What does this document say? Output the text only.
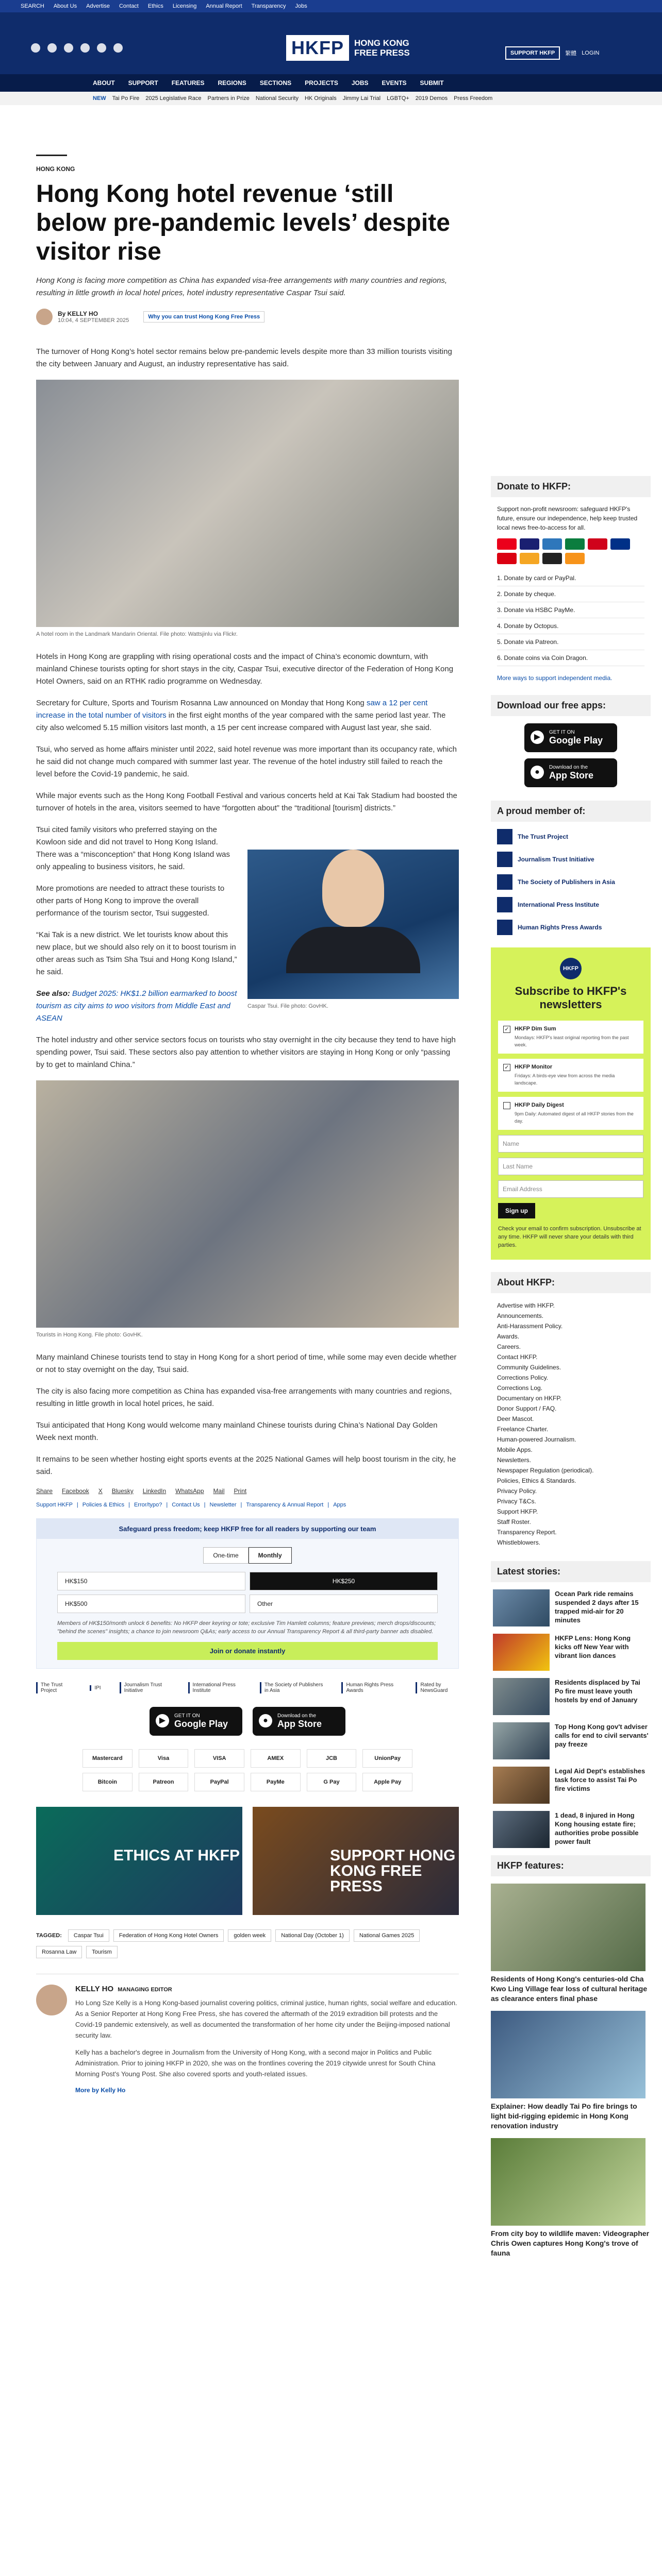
SEARCH About Us Advertise Contact Ethics Licensing Annual Report Transparency Jobs
HKFP	HONG KONG
FREE PRESS	SUPPORT HKFP	繁體 LOGIN
ABOUT SUPPORT FEATURES REGIONS SECTIONS PROJECTS JOBS EVENTS SUBMIT
NEW Tai Po Fire 2025 Legislative Race Partners in Prize National Security HK Originals Jimmy Lai Trial LGBTQ+ 2019 Demos Press Freedom
HONG KONG
Hong Kong hotel revenue ‘still below pre-pandemic levels’ despite visitor rise
Hong Kong is facing more competition as China has expanded visa-free arrangements with many countries and regions, resulting in little growth in local hotel prices, hotel industry representative Caspar Tsui said.
By KELLY HO
10:04, 4 SEPTEMBER 2025
Why you can trust Hong Kong Free Press

The turnover of Hong Kong’s hotel sector remains below pre-pandemic levels despite more than 33 million tourists visiting the city between January and August, an industry representative has said.

A hotel room in the Landmark Mandarin Oriental. File photo: Wattsjinlu via Flickr.

Hotels in Hong Kong are grappling with rising operational costs and the impact of China’s economic downturn, with mainland Chinese tourists opting for short stays in the city, Caspar Tsui, executive director of the Federation of Hong Kong Hotel Owners, said on an RTHK radio programme on Wednesday.

Secretary for Culture, Sports and Tourism Rosanna Law announced on Monday that Hong Kong saw a 12 per cent increase in the total number of visitors in the first eight months of the year compared with the same period last year. The city also welcomed 5.15 million visitors last month, a 15 per cent increase compared with August last year, she said.

Tsui, who served as home affairs minister until 2022, said hotel revenue was more important than its occupancy rate, which he said did not change much compared with summer last year. The revenue of the hotel industry still failed to reach the level before the Covid-19 pandemic, he said.

While major events such as the Hong Kong Football Festival and various concerts held at Kai Tak Stadium had boosted the turnover of hotels in the area, visitors seemed to have “forgotten about” the “traditional [tourism] districts.”

Caspar Tsui. File photo: GovHK.

Tsui cited family visitors who preferred staying on the Kowloon side and did not travel to Hong Kong Island. There was a “misconception” that Hong Kong Island was only appealing to business visitors, he said.

More promotions are needed to attract these tourists to other parts of Hong Kong to improve the overall performance of the tourism sector, Tsui suggested.

“Kai Tak is a new district. We let tourists know about this new place, but we should also rely on it to boost tourism in other areas such as Tsim Sha Tsui and Hong Kong Island,” he said.

See also: Budget 2025: HK$1.2 billion earmarked to boost tourism as city aims to woo visitors from Middle East and ASEAN

The hotel industry and other service sectors focus on tourists who stay overnight in the city because they tend to have high spending power, Tsui said. These sectors also pay attention to whether visitors are staying in Hong Kong or only “passing by to get to mainland China.”

Tourists in Hong Kong. File photo: GovHK.

Many mainland Chinese tourists tend to stay in Hong Kong for a short period of time, while some may even decide whether or not to stay overnight on the day, Tsui said.

The city is also facing more competition as China has expanded visa-free arrangements with many countries and regions, resulting in little growth in local hotel prices, he said.

Tsui anticipated that Hong Kong would welcome many mainland Chinese tourists during China’s National Day Golden Week next month.

It remains to be seen whether hosting eight sports events at the 2025 National Games will help boost tourism in the city, he said.

Share Facebook X Bluesky LinkedIn WhatsApp Mail Print
Support HKFP | Policies & Ethics | Error/typo? | Contact Us | Newsletter | Transparency & Annual Report | Apps
Safeguard press freedom; keep HKFP free for all readers by supporting our team
One-time	Monthly
HK$150	HK$250
HK$500	Other
Members of HK$150/month unlock 6 benefits: No HKFP deer keyring or tote; exclusive Tim Hamlett columns; feature previews; merch drops/discounts; "behind the scenes" insights; a chance to join newsroom Q&As; early access to our Annual Transparency Report & all third-party banner ads disabled.
Join or donate instantly
The Trust Project	IPI	Journalism Trust Initiative
International Press Institute
The Society of Publishers in Asia
Human Rights Press Awards
Rated by NewsGuard
▶
GET IT ON
Google Play	●
Download on the
App Store
Mastercard	Visa	VISA	AMEX	JCB	UnionPay
Bitcoin	Patreon	PayPal	PayMe	G Pay	Apple Pay
ETHICS AT HKFP	SUPPORT HONG KONG FREE PRESS
TAGGED:	Caspar Tsui	Federation of Hong Kong Hotel Owners	golden week	National Day (October 1)	National Games 2025
Rosanna Law	Tourism
KELLY HO MANAGING EDITOR

Ho Long Sze Kelly is a Hong Kong-based journalist covering politics, criminal justice, human rights, social welfare and education. As a Senior Reporter at Hong Kong Free Press, she has covered the aftermath of the 2019 extradition bill protests and the Covid-19 pandemic extensively, as well as documented the transformation of her home city under the Beijing-imposed national security law.

Kelly has a bachelor's degree in Journalism from the University of Hong Kong, with a second major in Politics and Public Administration. Prior to joining HKFP in 2020, she was on the frontlines covering the 2019 citywide unrest for South China Morning Post's Young Post. She also covered sports and youth-related issues.

More by Kelly Ho
Donate to HKFP:
Support non-profit newsroom: safeguard HKFP's future, ensure our independence, help keep trusted local news free-to-access for all.
1. Donate by card or PayPal.
2. Donate by cheque.
3. Donate via HSBC PayMe.
4. Donate by Octopus.
5. Donate via Patreon.
6. Donate coins via Coin Dragon.
More ways to support independent media.
Download our free apps:
▶
GET IT ON
Google Play
●
Download on the
App Store
A proud member of:
The Trust Project
Journalism Trust Initiative
The Society of Publishers in Asia
International Press Institute
Human Rights Press Awards
HKFP
Subscribe to HKFP's newsletters
✓ HKFP Dim Sum
Mondays: HKFP's least original reporting from the past week.
✓ HKFP Monitor
Fridays: A birds-eye view from across the media landscape.
HKFP Daily Digest
9pm Daily: Automated digest of all HKFP stories from the day.
Name
Last Name
Email Address
Sign up
Check your email to confirm subscription. Unsubscribe at any time. HKFP will never share your details with third parties.
About HKFP:
Advertise with HKFP.
Announcements.
Anti-Harassment Policy.
Awards.
Careers.
Contact HKFP.
Community Guidelines.
Corrections Policy.
Corrections Log.
Documentary on HKFP.
Donor Support / FAQ.
Deer Mascot.
Freelance Charter.
Human-powered Journalism.
Mobile Apps.
Newsletters.
Newspaper Regulation (periodical).
Policies, Ethics & Standards.
Privacy Policy.
Privacy T&Cs.
Support HKFP.
Staff Roster.
Transparency Report.
Whistleblowers.
Latest stories:
Ocean Park ride remains suspended 2 days after 15 trapped mid-air for 20 minutes
HKFP Lens: Hong Kong kicks off New Year with vibrant lion dances
Residents displaced by Tai Po fire must leave youth hostels by end of January
Top Hong Kong gov't adviser calls for end to civil servants' pay freeze
Legal Aid Dept's establishes task force to assist Tai Po fire victims
1 dead, 8 injured in Hong Kong housing estate fire; authorities probe possible power fault
HKFP features:
Residents of Hong Kong's centuries-old Cha Kwo Ling Village fear loss of cultural heritage as clearance enters final phase
Explainer: How deadly Tai Po fire brings to light bid-rigging epidemic in Hong Kong renovation industry
From city boy to wildlife maven: Videographer Chris Owen captures Hong Kong's trove of fauna
